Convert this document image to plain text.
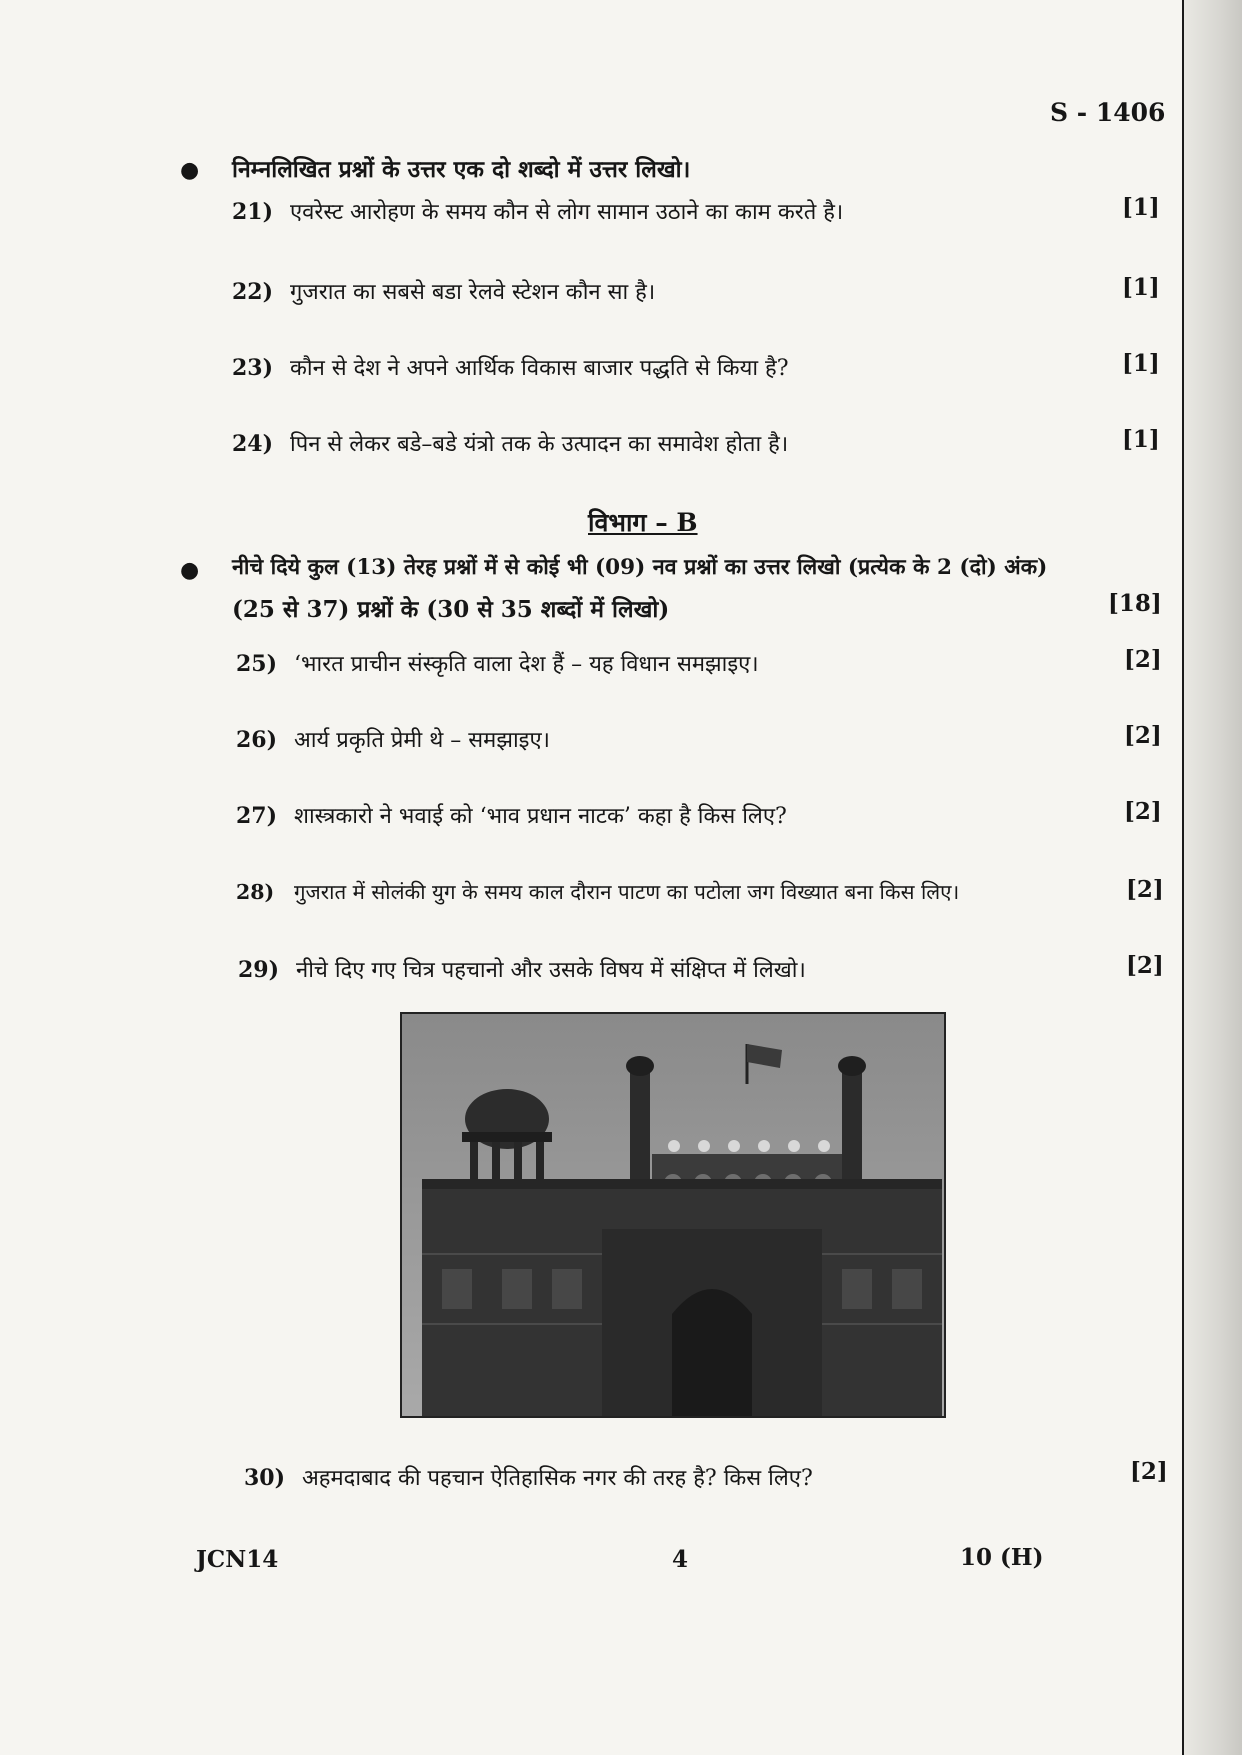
S - 1406
● निम्नलिखित प्रश्नों के उत्तर एक दो शब्दो में उत्तर लिखो।
21) एवरेस्ट आरोहण के समय कौन से लोग सामान उठाने का काम करते है।	[1]
22) गुजरात का सबसे बडा रेलवे स्टेशन कौन सा है।	[1]
23) कौन से देश ने अपने आर्थिक विकास बाजार पद्धति से किया है?	[1]
24) पिन से लेकर बडे–बडे यंत्रो तक के उत्पादन का समावेश होता है।	[1]
विभाग – B
● नीचे दिये कुल (13) तेरह प्रश्नों में से कोई भी (09) नव प्रश्नों का उत्तर लिखो (प्रत्येक के 2 (दो) अंक)
(25 से 37) प्रश्नों के (30 से 35 शब्दों में लिखो)	[18]
25) ‘भारत प्राचीन संस्कृति वाला देश हैं – यह विधान समझाइए।	[2]
26) आर्य प्रकृति प्रेमी थे – समझाइए।	[2]
27) शास्त्रकारो ने भवाई को ‘भाव प्रधान नाटक’ कहा है किस लिए?	[2]
28) गुजरात में सोलंकी युग के समय काल दौरान पाटण का पटोला जग विख्यात बना किस लिए।	[2]
29) नीचे दिए गए चित्र पहचानो और उसके विषय में संक्षिप्त में लिखो।	[2]
30) अहमदाबाद की पहचान ऐतिहासिक नगर की तरह है? किस लिए?	[2]
JCN14	4	10 (H)
